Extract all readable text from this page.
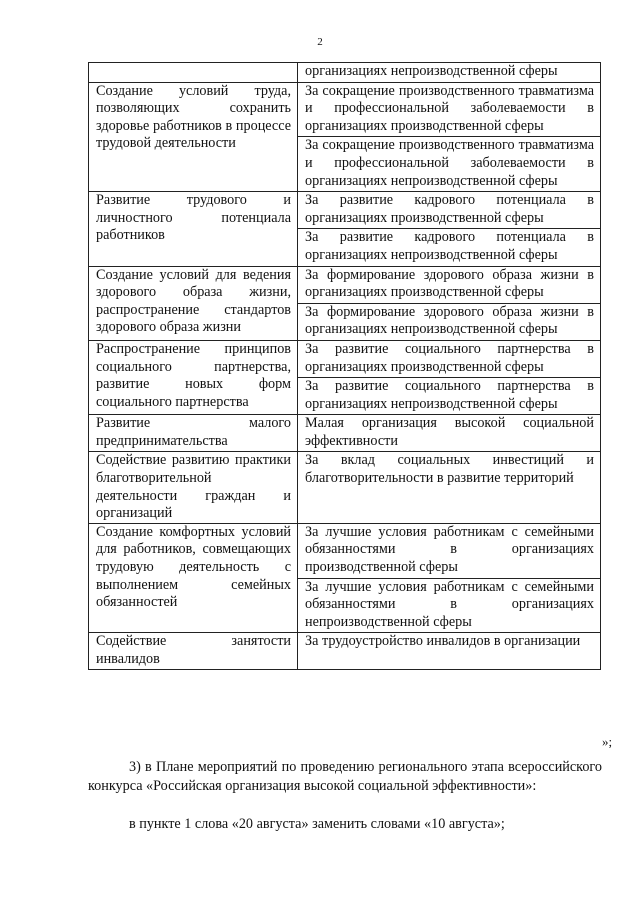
2

	организациях непроизводственной сферы

Создание условий труда, позволяющих сохранить здоровье работников в процессе трудовой деятельности	За сокращение производственного травматизма и профессиональной заболеваемости в организациях производственной сферы
За сокращение производственного травматизма и профессиональной заболеваемости в организациях непроизводственной сферы

Развитие трудового и личностного потенциала работников	За развитие кадрового потенциала в организациях производственной сферы
За развитие кадрового потенциала в организациях непроизводственной сферы

Создание условий для ведения здорового образа жизни, распространение стандартов здорового образа жизни	За формирование здорового образа жизни в организациях производственной сферы
За формирование здорового образа жизни в организациях непроизводственной сферы

Распространение принципов социального партнерства, развитие новых форм социального партнерства	За развитие социального партнерства в организациях производственной сферы
За развитие социального партнерства в организациях непроизводственной сферы

Развитие малого предпринимательства	Малая организация высокой социальной эффективности

Содействие развитию практики благотворительной деятельности граждан и организаций	За вклад социальных инвестиций и благотворительности в развитие территорий

Создание комфортных условий для работников, совмещающих трудовую деятельность с выполнением семейных обязанностей	За лучшие условия работникам с семейными обязанностями в организациях производственной сферы
За лучшие условия работникам с семейными обязанностями в организациях непроизводственной сферы

Содействие занятости инвалидов	За трудоустройство инвалидов в организации
»;
3) в Плане мероприятий по проведению регионального этапа всероссийского конкурса «Российская организация высокой социальной эффективности»:
в пункте 1 слова «20 августа» заменить словами «10 августа»;
